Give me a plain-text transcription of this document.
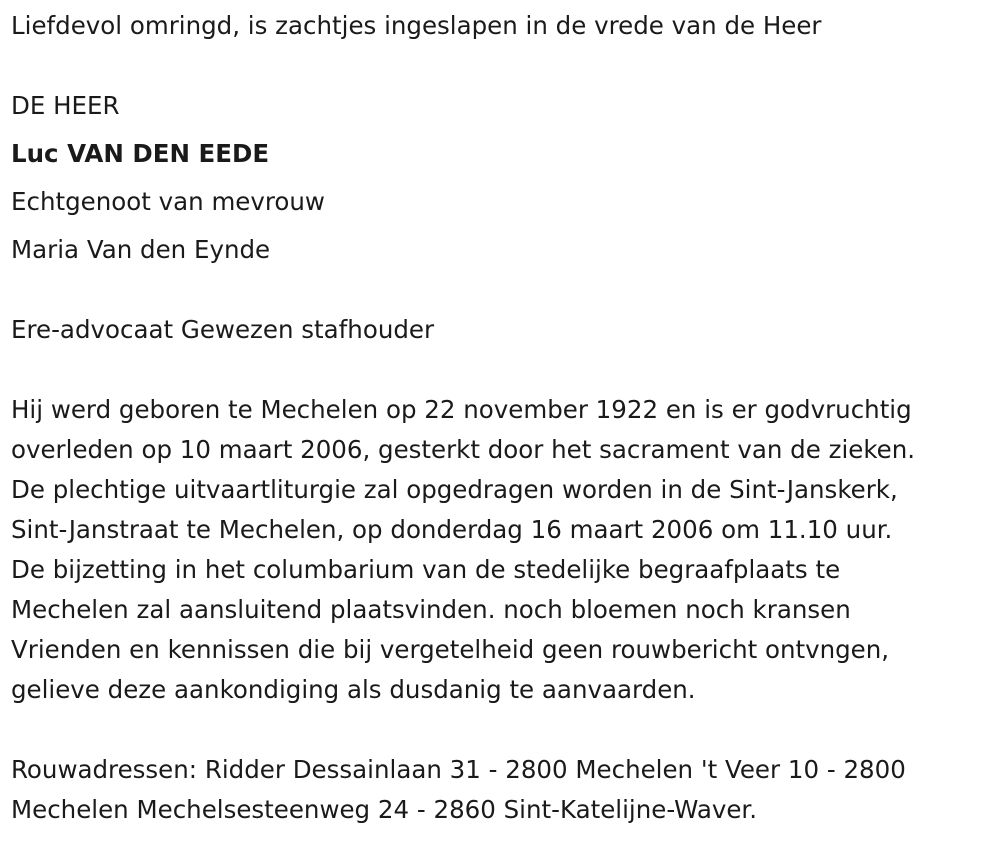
Liefdevol omringd, is zachtjes ingeslapen in de vrede van de Heer
DE HEER
Luc VAN DEN EEDE
Echtgenoot van mevrouw
Maria Van den Eynde
Ere-advocaat Gewezen stafhouder
Hij werd geboren te Mechelen op 22 november 1922 en is er godvruchtig
overleden op 10 maart 2006, gesterkt door het sacrament van de zieken.
De plechtige uitvaartliturgie zal opgedragen worden in de Sint-Janskerk,
Sint-Janstraat te Mechelen, op donderdag 16 maart 2006 om 11.10 uur.
De bijzetting in het columbarium van de stedelijke begraafplaats te
Mechelen zal aansluitend plaatsvinden. noch bloemen noch kransen
Vrienden en kennissen die bij vergetelheid geen rouwbericht ontvngen,
gelieve deze aankondiging als dusdanig te aanvaarden.
Rouwadressen: Ridder Dessainlaan 31 - 2800 Mechelen 't Veer 10 - 2800
Mechelen Mechelsesteenweg 24 - 2860 Sint-Katelijne-Waver.
